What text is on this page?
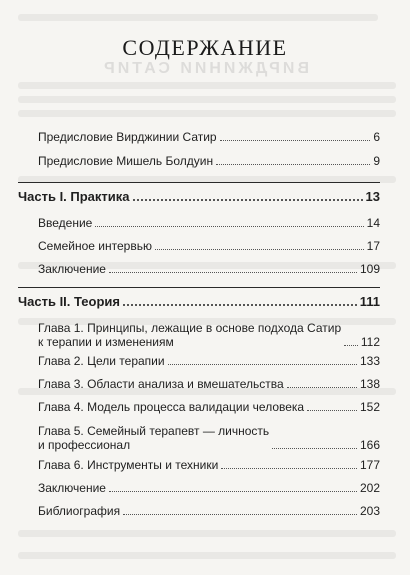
ВИРДЖИНИИ САТИР
СОДЕРЖАНИЕ
Предисловие Вирджинии Сатир	6
Предисловие Мишель Болдуин	9
Часть I. Практика	13
Введение	14
Семейное интервью	17
Заключение	109
Часть II. Теория	111
Глава 1. Принципы, лежащие в основе подхода Сатир
к терапии и изменениям	112
Глава 2. Цели терапии	133
Глава 3. Области анализа и вмешательства	138
Глава 4. Модель процесса валидации человека	152
Глава 5. Семейный терапевт — личность
и профессионал	166
Глава 6. Инструменты и техники	177
Заключение	202
Библиография	203
